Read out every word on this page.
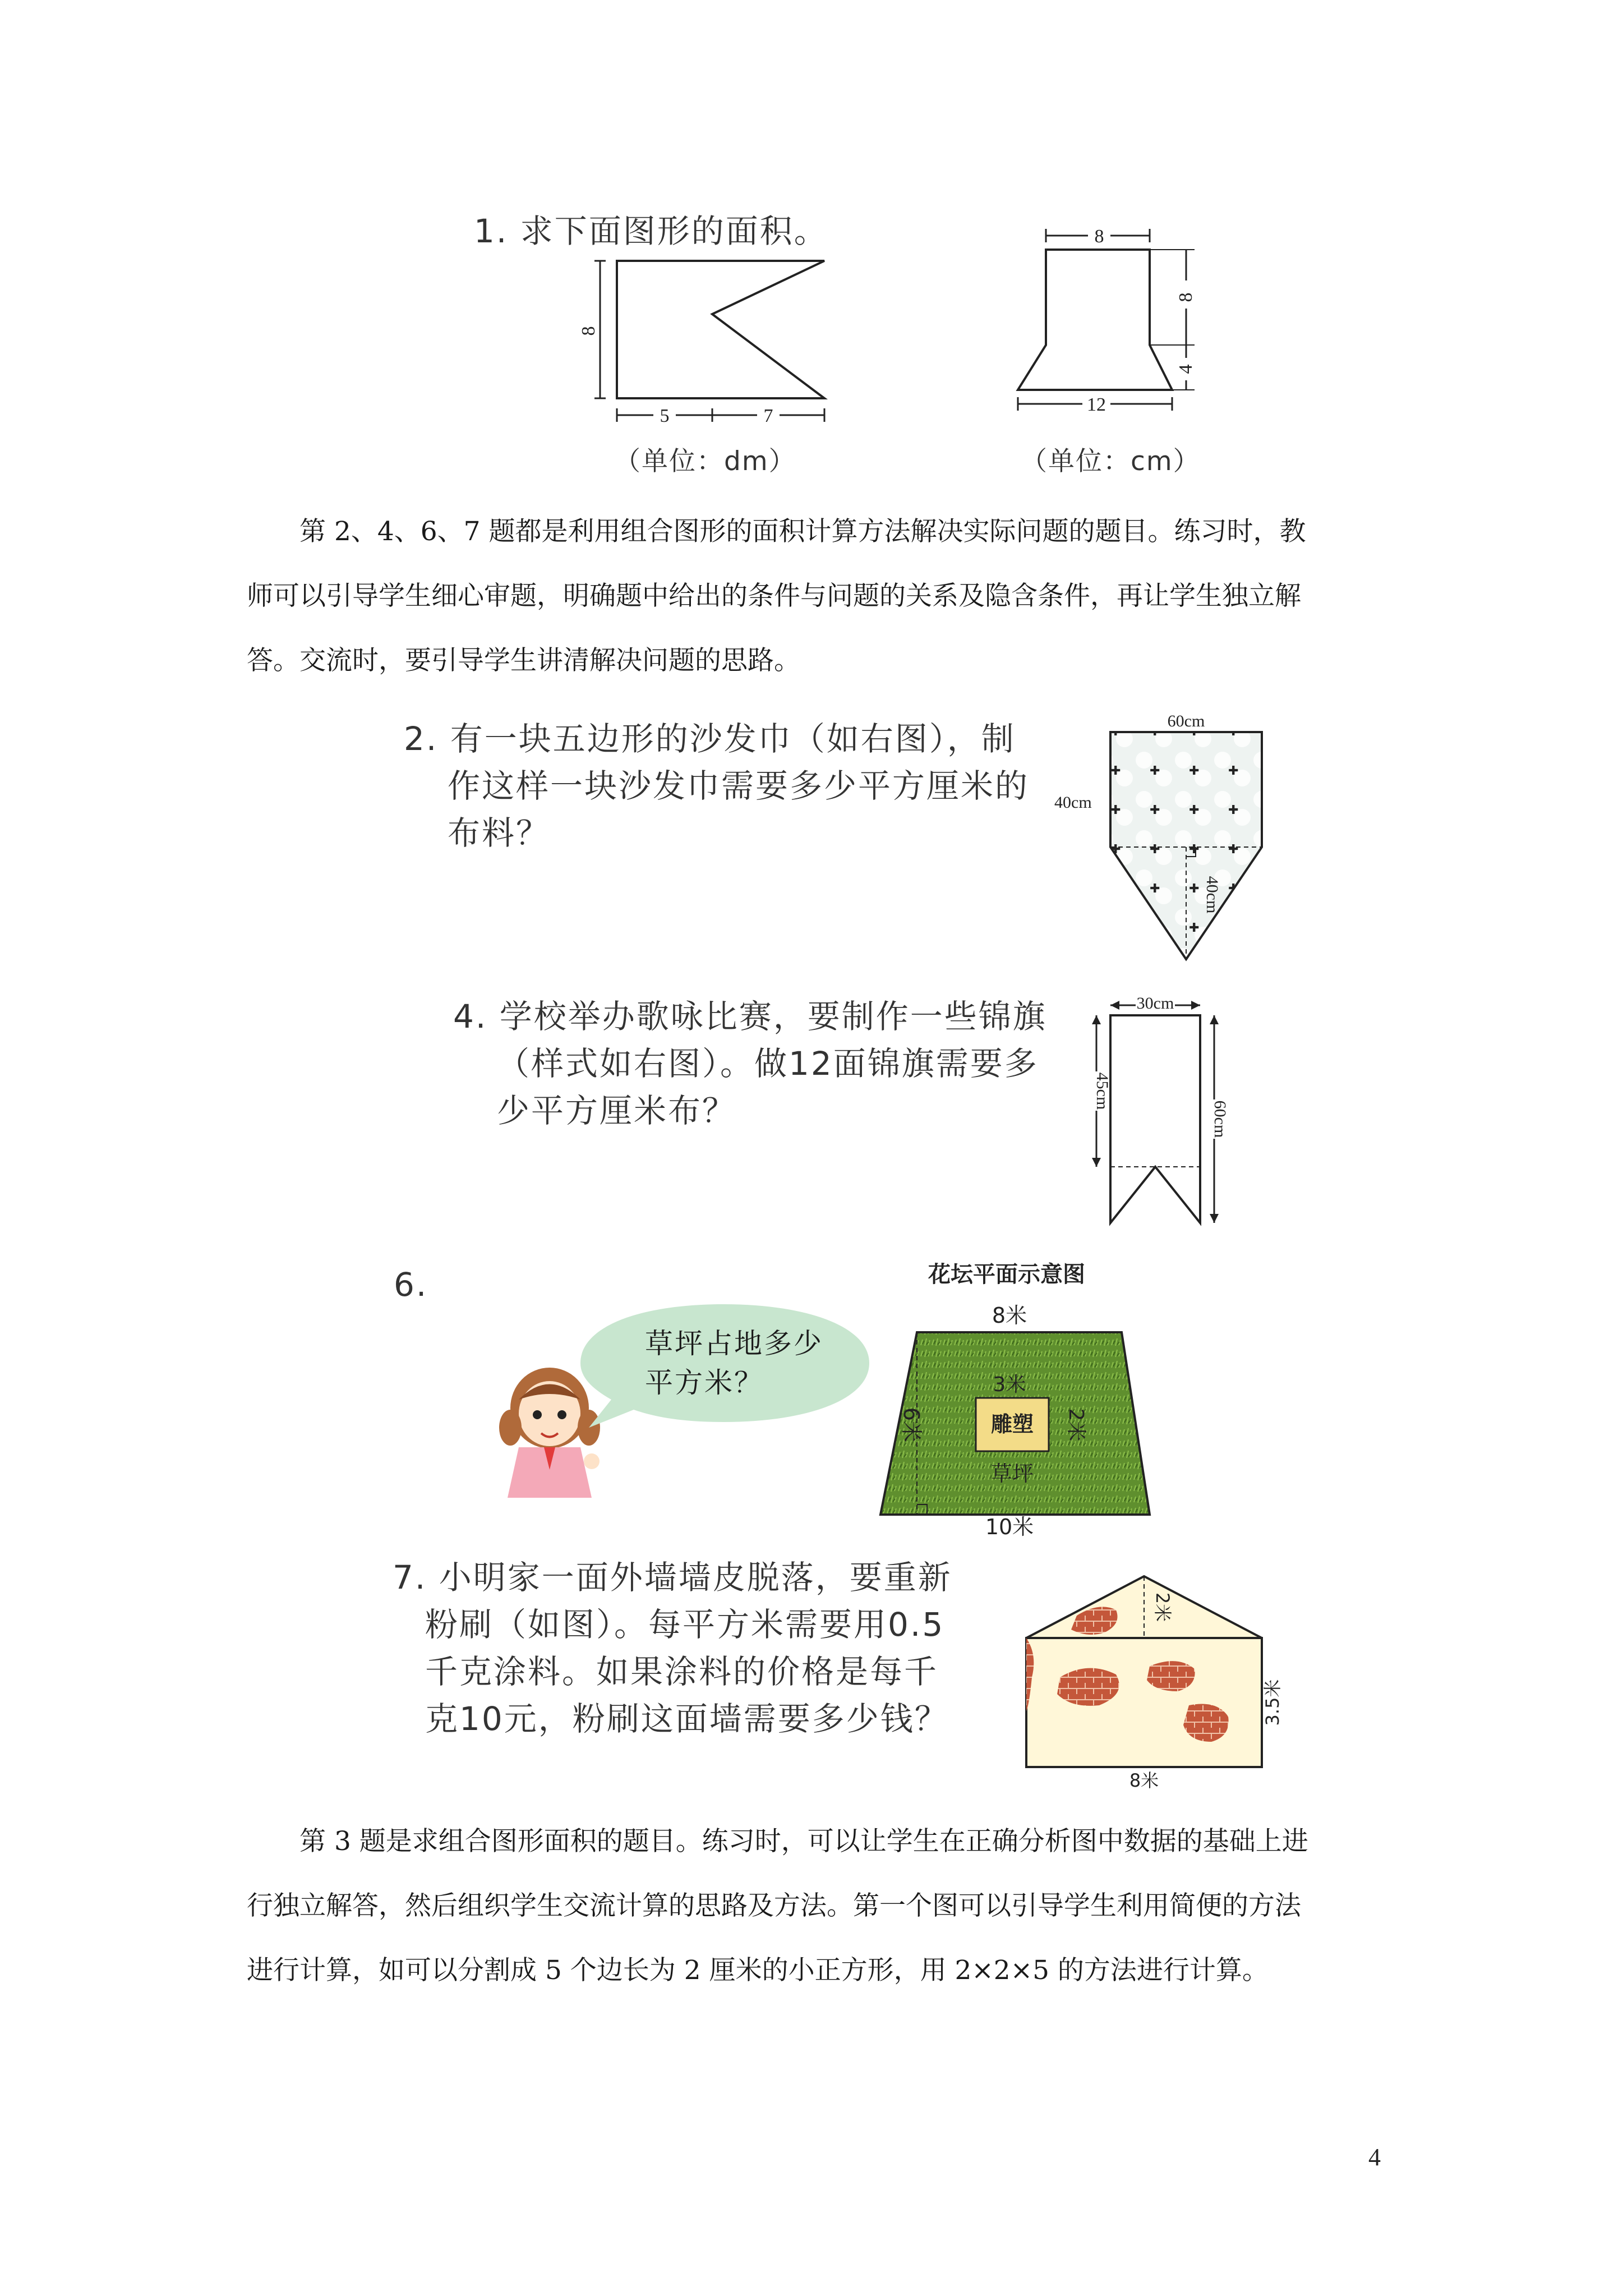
1. 求下面图形的面积。
8
5	7
（单位：dm）
8
8
4
12
（单位：cm）
第 2、4、6、7 题都是利用组合图形的面积计算方法解决实际问题的题目。练习时，教
师可以引导学生细心审题，明确题中给出的条件与问题的关系及隐含条件，再让学生独立解
答。交流时，要引导学生讲清解决问题的思路。
2. 有一块五边形的沙发巾（如右图），制
作这样一块沙发巾需要多少平方厘米的
布料？
60cm
40cm
40cm
4. 学校举办歌咏比赛，要制作一些锦旗
（样式如右图）。做12面锦旗需要多
少平方厘米布？
30cm
45cm
60cm
6.
草坪占地多少
平方米？
花坛平面示意图
8米
6米
3米
雕塑 2米
草坪
10米
7. 小明家一面外墙墙皮脱落，要重新
粉刷（如图）。每平方米需要用0.5
千克涂料。如果涂料的价格是每千
克10元，粉刷这面墙需要多少钱？
2米
3.5米
8米
第 3 题是求组合图形面积的题目。练习时，可以让学生在正确分析图中数据的基础上进
行独立解答，然后组织学生交流计算的思路及方法。第一个图可以引导学生利用简便的方法
进行计算，如可以分割成 5 个边长为 2 厘米的小正方形，用 2×2×5 的方法进行计算。
4
